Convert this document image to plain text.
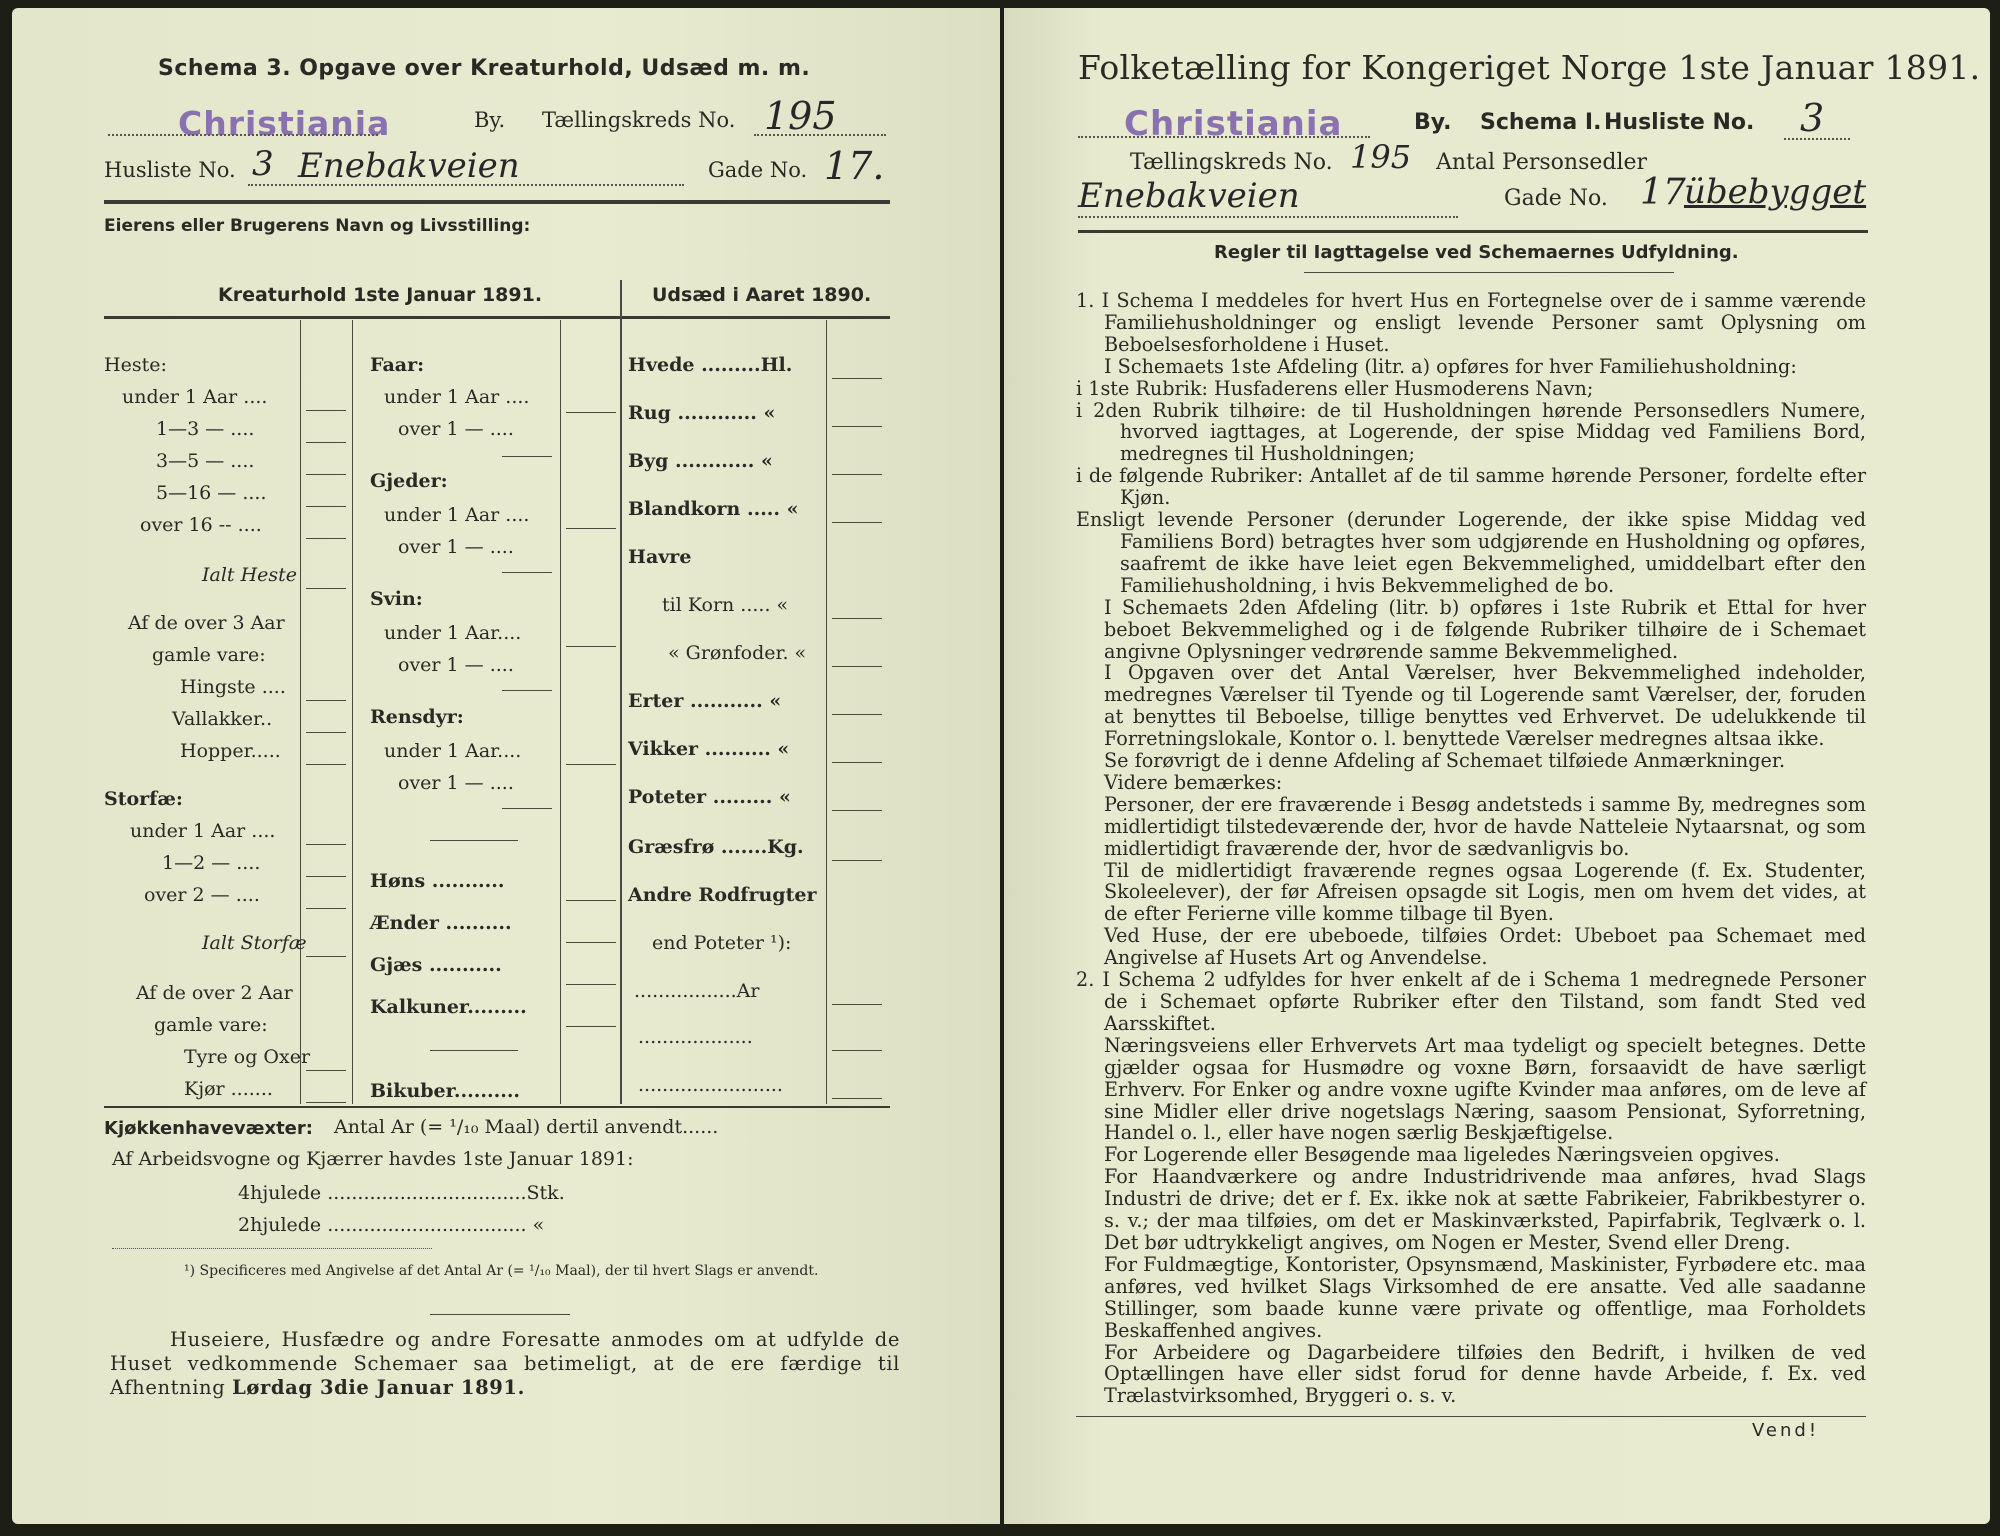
Schema 3. Opgave over Kreaturhold, Udsæd m. m.
Christiania	By. Tællingskreds No. 195
Husliste No. 3 Enebakveien	Gade No. 17.
Eierens eller Brugerens Navn og Livsstilling:
Kreaturhold 1ste Januar 1891.	Udsæd i Aaret 1890.
Heste:
under 1 Aar ....
1—3 — ....
3—5 — ....
5—16 — ....
over 16 -- ....
Ialt Heste
Af de over 3 Aar
gamle vare:
Hingste ....
Vallakker..
Hopper.....
Storfæ:
under 1 Aar ....
1—2 — ....
over 2 — ....
Ialt Storfæ
Af de over 2 Aar
gamle vare:
Tyre og Oxer
Kjør .......
Faar:
under 1 Aar ....
over 1 — ....
Gjeder:
under 1 Aar ....
over 1 — ....
Svin:
under 1 Aar....
over 1 — ....
Rensdyr:
under 1 Aar....
over 1 — ....
Høns ...........
Ænder ..........
Gjæs ...........
Kalkuner.........
Bikuber..........
Hvede .........Hl.
Rug ............ «
Byg ............ «
Blandkorn ..... «
Havre
til Korn ..... «
« Grønfoder. «
Erter ........... «
Vikker .......... «
Poteter ......... «
Græsfrø .......Kg.
Andre Rodfrugter
end Poteter ¹):
.................Ar
...................
........................
Kjøkkenhavevæxter: Antal Ar (= ¹/₁₀ Maal) dertil anvendt......
Af Arbeidsvogne og Kjærrer havdes 1ste Januar 1891:
4hjulede .................................Stk.
2hjulede ................................. «
¹) Specificeres med Angivelse af det Antal Ar (= ¹/₁₀ Maal), der til hvert Slags er anvendt.
Huseiere, Husfædre og andre Foresatte anmodes om at udfylde de Huset vedkommende Schemaer saa betimeligt, at de ere færdige til Afhentning Lørdag 3die Januar 1891.
Folketælling for Kongeriget Norge 1ste Januar 1891.
Christiania	By. Schema I. Husliste No. 3
Tællingskreds No. 195 Antal Personsedler
Enebakveien	Gade No. 17
übebygget
Regler til Iagttagelse ved Schemaernes Udfyldning.

1. I Schema I meddeles for hvert Hus en Fortegnelse over de i samme værende Familiehusholdninger og ensligt levende Personer samt Oplysning om Beboelsesforholdene i Huset.

I Schemaets 1ste Afdeling (litr. a) opføres for hver Familiehusholdning:

i 1ste Rubrik: Husfaderens eller Husmoderens Navn;

i 2den Rubrik tilhøire: de til Husholdningen hørende Personsedlers Numere, hvorved iagttages, at Logerende, der spise Middag ved Familiens Bord, medregnes til Husholdningen;

i de følgende Rubriker: Antallet af de til samme hørende Personer, fordelte efter Kjøn.

Ensligt levende Personer (derunder Logerende, der ikke spise Middag ved Familiens Bord) betragtes hver som udgjørende en Husholdning og opføres, saafremt de ikke have leiet egen Bekvemmelighed, umiddelbart efter den Familiehusholdning, i hvis Bekvemmelighed de bo.

I Schemaets 2den Afdeling (litr. b) opføres i 1ste Rubrik et Ettal for hver beboet Bekvemmelighed og i de følgende Rubriker tilhøire de i Schemaet angivne Oplysninger vedrørende samme Bekvemmelighed.

I Opgaven over det Antal Værelser, hver Bekvemmelighed indeholder, medregnes Værelser til Tyende og til Logerende samt Værelser, der, foruden at benyttes til Beboelse, tillige benyttes ved Erhvervet. De udelukkende til Forretningslokale, Kontor o. l. benyttede Værelser medregnes altsaa ikke.

Se forøvrigt de i denne Afdeling af Schemaet tilføiede Anmærkninger.

Videre bemærkes:

Personer, der ere fraværende i Besøg andetsteds i samme By, medregnes som midlertidigt tilstedeværende der, hvor de havde Natteleie Nytaarsnat, og som midlertidigt fraværende der, hvor de sædvanligvis bo.

Til de midlertidigt fraværende regnes ogsaa Logerende (f. Ex. Studenter, Skoleelever), der før Afreisen opsagde sit Logis, men om hvem det vides, at de efter Ferierne ville komme tilbage til Byen.

Ved Huse, der ere ubeboede, tilføies Ordet: Ubeboet paa Schemaet med Angivelse af Husets Art og Anvendelse.

2. I Schema 2 udfyldes for hver enkelt af de i Schema 1 medregnede Personer de i Schemaet opførte Rubriker efter den Tilstand, som fandt Sted ved Aarsskiftet.

Næringsveiens eller Erhvervets Art maa tydeligt og specielt betegnes. Dette gjælder ogsaa for Husmødre og voxne Børn, forsaavidt de have særligt Erhverv. For Enker og andre voxne ugifte Kvinder maa anføres, om de leve af sine Midler eller drive nogetslags Næring, saasom Pensionat, Syforretning, Handel o. l., eller have nogen særlig Beskjæftigelse.

For Logerende eller Besøgende maa ligeledes Næringsveien opgives.

For Haandværkere og andre Industridrivende maa anføres, hvad Slags Industri de drive; det er f. Ex. ikke nok at sætte Fabrikeier, Fabrikbestyrer o. s. v.; der maa tilføies, om det er Maskinværksted, Papirfabrik, Teglværk o. l. Det bør udtrykkeligt angives, om Nogen er Mester, Svend eller Dreng.

For Fuldmægtige, Kontorister, Opsynsmænd, Maskinister, Fyrbødere etc. maa anføres, ved hvilket Slags Virksomhed de ere ansatte. Ved alle saadanne Stillinger, som baade kunne være private og offentlige, maa Forholdets Beskaffenhed angives.

For Arbeidere og Dagarbeidere tilføies den Bedrift, i hvilken de ved Optællingen have eller sidst forud for denne havde Arbeide, f. Ex. ved Trælastvirksomhed, Bryggeri o. s. v.

Vend!
